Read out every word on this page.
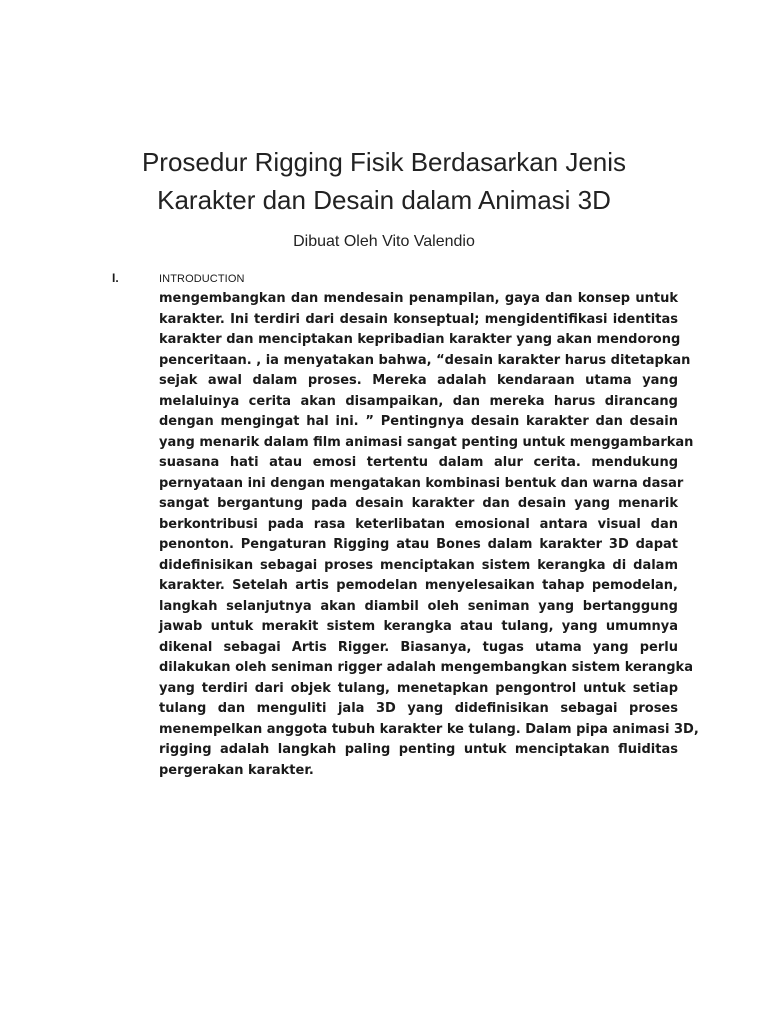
Prosedur Rigging Fisik Berdasarkan Jenis
Karakter dan Desain dalam Animasi 3D

Dibuat Oleh Vito Valendio

I.	INTRODUCTION
mengembangkan dan mendesain penampilan, gaya dan konsep untuk
karakter. Ini terdiri dari desain konseptual; mengidentifikasi identitas
karakter dan menciptakan kepribadian karakter yang akan mendorong
penceritaan. , ia menyatakan bahwa, “desain karakter harus ditetapkan
sejak awal dalam proses. Mereka adalah kendaraan utama yang
melaluinya cerita akan disampaikan, dan mereka harus dirancang
dengan mengingat hal ini. ” Pentingnya desain karakter dan desain
yang menarik dalam film animasi sangat penting untuk menggambarkan
suasana hati atau emosi tertentu dalam alur cerita. mendukung
pernyataan ini dengan mengatakan kombinasi bentuk dan warna dasar
sangat bergantung pada desain karakter dan desain yang menarik
berkontribusi pada rasa keterlibatan emosional antara visual dan
penonton. Pengaturan Rigging atau Bones dalam karakter 3D dapat
didefinisikan sebagai proses menciptakan sistem kerangka di dalam
karakter. Setelah artis pemodelan menyelesaikan tahap pemodelan,
langkah selanjutnya akan diambil oleh seniman yang bertanggung
jawab untuk merakit sistem kerangka atau tulang, yang umumnya
dikenal sebagai Artis Rigger. Biasanya, tugas utama yang perlu
dilakukan oleh seniman rigger adalah mengembangkan sistem kerangka
yang terdiri dari objek tulang, menetapkan pengontrol untuk setiap
tulang dan menguliti jala 3D yang didefinisikan sebagai proses
menempelkan anggota tubuh karakter ke tulang. Dalam pipa animasi 3D,
rigging adalah langkah paling penting untuk menciptakan fluiditas
pergerakan karakter.
